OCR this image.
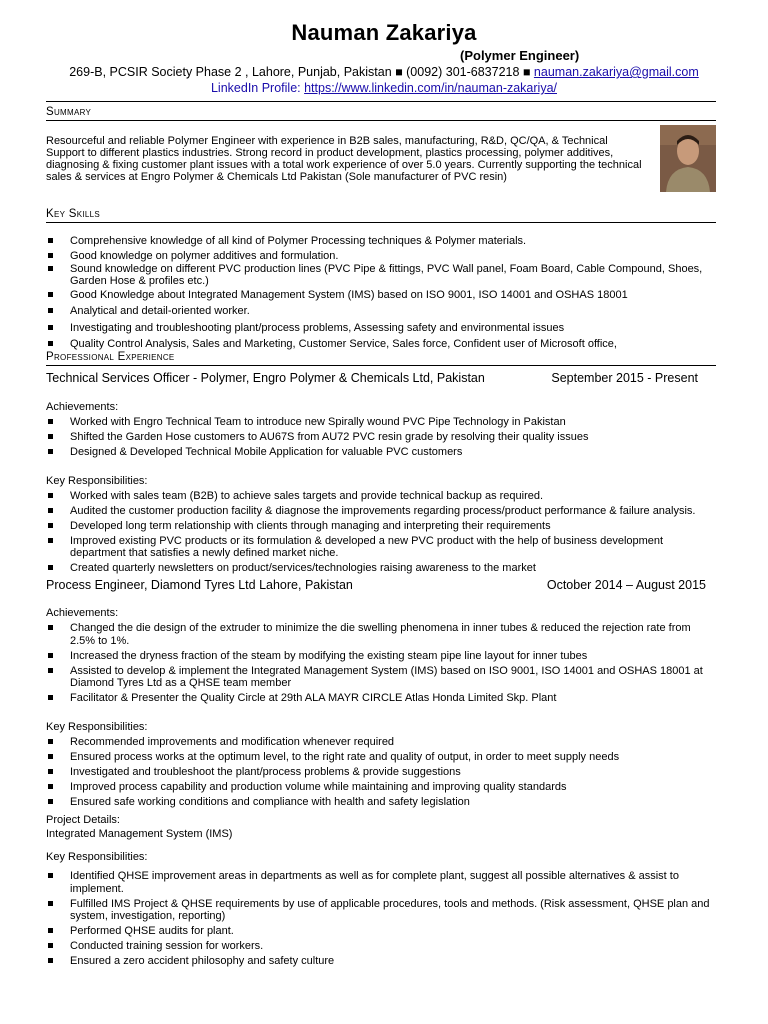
Nauman Zakariya
(Polymer Engineer)
269-B, PCSIR Society Phase 2 , Lahore, Punjab, Pakistan ■ (0092) 301-6837218 ■ nauman.zakariya@gmail.com
LinkedIn Profile: https://www.linkedin.com/in/nauman-zakariya/
Summary
Resourceful and reliable Polymer Engineer with experience in B2B sales, manufacturing, R&D, QC/QA, & Technical Support to different plastics industries. Strong record in product development, plastics processing, polymer additives, diagnosing & fixing customer plant issues with a total work experience of over 5.0 years. Currently supporting the technical sales & services at Engro Polymer & Chemicals Ltd Pakistan (Sole manufacturer of PVC resin)
Key Skills
Comprehensive knowledge of all kind of Polymer Processing techniques & Polymer materials.
Good knowledge on polymer additives and formulation.
Sound knowledge on different PVC production lines (PVC Pipe & fittings, PVC Wall panel, Foam Board, Cable Compound, Shoes, Garden Hose & profiles etc.)
Good Knowledge about Integrated Management System (IMS) based on ISO 9001, ISO 14001 and OSHAS 18001
Analytical and detail-oriented worker.
Investigating and troubleshooting plant/process problems, Assessing safety and environmental issues
Quality Control Analysis, Sales and Marketing, Customer Service, Sales force, Confident user of Microsoft office,
Professional Experience
Technical Services Officer - Polymer, Engro Polymer & Chemicals Ltd, Pakistan	September 2015 - Present
Achievements:
Worked with Engro Technical Team to introduce new Spirally wound PVC Pipe Technology in Pakistan
Shifted the Garden Hose customers to AU67S from AU72 PVC resin grade by resolving their quality issues
Designed & Developed Technical Mobile Application for valuable PVC customers
Key Responsibilities:
Worked with sales team (B2B) to achieve sales targets and provide technical backup as required.
Audited the customer production facility & diagnose the improvements regarding process/product performance & failure analysis.
Developed long term relationship with clients through managing and interpreting their requirements
Improved existing PVC products or its formulation & developed a new PVC product with the help of business development department that satisfies a newly defined market niche.
Created quarterly newsletters on product/services/technologies raising awareness to the market
Process Engineer, Diamond Tyres Ltd Lahore, Pakistan	October 2014 – August 2015
Achievements:
Changed the die design of the extruder to minimize the die swelling phenomena in inner tubes & reduced the rejection rate from 2.5% to 1%.
Increased the dryness fraction of the steam by modifying the existing steam pipe line layout for inner tubes
Assisted to develop & implement the Integrated Management System (IMS) based on ISO 9001, ISO 14001 and OSHAS 18001 at Diamond Tyres Ltd as a QHSE team member
Facilitator & Presenter the Quality Circle at 29th ALA MAYR CIRCLE Atlas Honda Limited Skp. Plant
Key Responsibilities:
Recommended improvements and modification whenever required
Ensured process works at the optimum level, to the right rate and quality of output, in order to meet supply needs
Investigated and troubleshoot the plant/process problems & provide suggestions
Improved process capability and production volume while maintaining and improving quality standards
Ensured safe working conditions and compliance with health and safety legislation
Project Details:
Integrated Management System (IMS)
Key Responsibilities:
Identified QHSE improvement areas in departments as well as for complete plant, suggest all possible alternatives & assist to implement.
Fulfilled IMS Project & QHSE requirements by use of applicable procedures, tools and methods. (Risk assessment, QHSE plan and system, investigation, reporting)
Performed QHSE audits for plant.
Conducted training session for workers.
Ensured a zero accident philosophy and safety culture
